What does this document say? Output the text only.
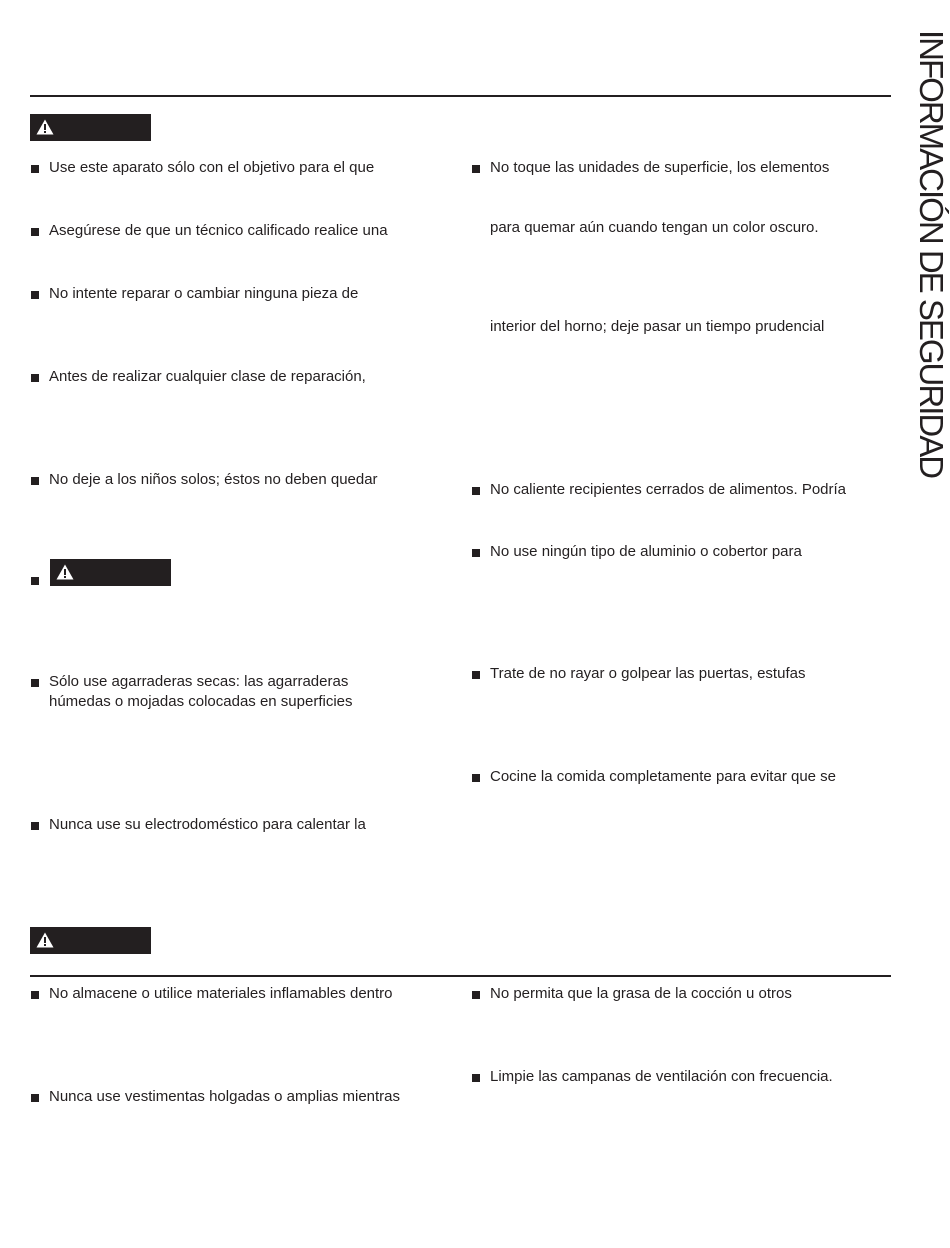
INFORMACIÓN DE SEGURIDAD
Use este aparato sólo con el objetivo para el que
Asegúrese de que un técnico calificado realice una
No intente reparar o cambiar ninguna pieza de
Antes de realizar cualquier clase de reparación,
No deje a los niños solos; éstos no deben quedar
Sólo use agarraderas secas: las agarraderas
húmedas o mojadas colocadas en superficies
Nunca use su electrodoméstico para calentar la
No toque las unidades de superficie, los elementos
para quemar aún cuando tengan un color oscuro.
interior del horno; deje pasar un tiempo prudencial
No caliente recipientes cerrados de alimentos. Podría
No use ningún tipo de aluminio o cobertor para
Trate de no rayar o golpear las puertas, estufas
Cocine la comida completamente para evitar que se
No almacene o utilice materiales inflamables dentro
Nunca use vestimentas holgadas o amplias mientras
No permita que la grasa de la cocción u otros
Limpie las campanas de ventilación con frecuencia.
